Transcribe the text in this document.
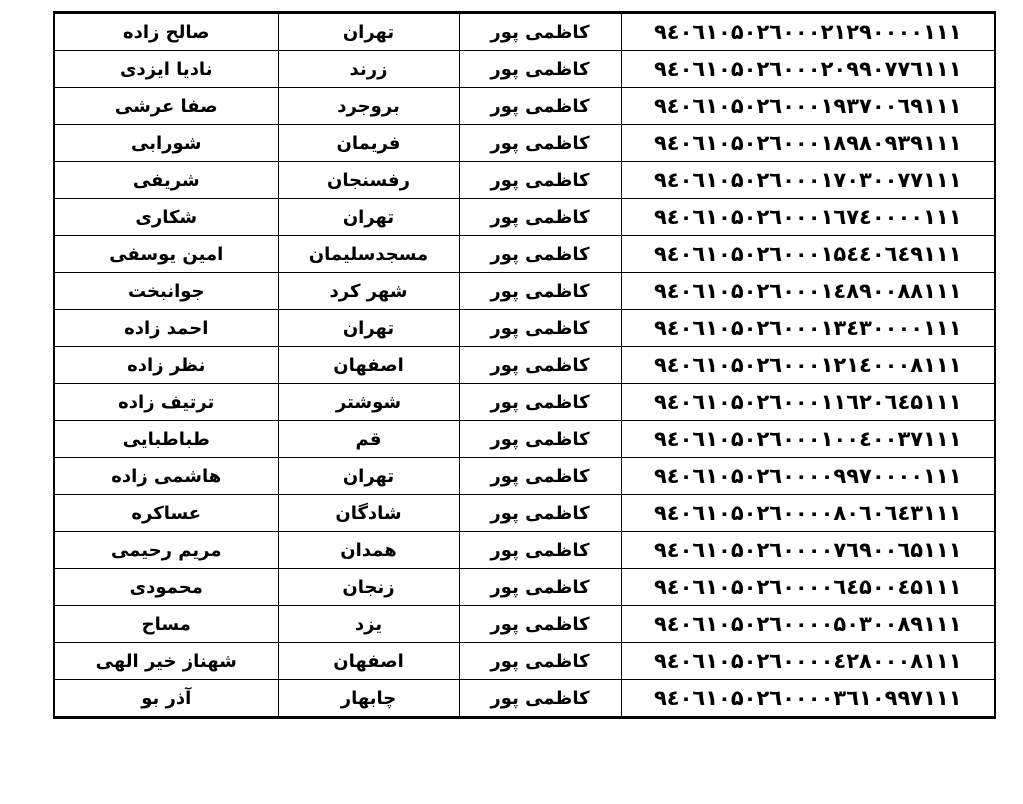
صالح زاده	تهران	کاظمی پور	۹٤۰٦۱۰۵۰۲٦۰۰۰۲۱۲۹۰۰۰۰۱۱۱
نادیا ایزدی	زرند	کاظمی پور	۹٤۰٦۱۰۵۰۲٦۰۰۰۲۰۹۹۰۷۷٦۱۱۱
صفا عرشی	بروجرد	کاظمی پور	۹٤۰٦۱۰۵۰۲٦۰۰۰۱۹۳۷۰۰٦۹۱۱۱
شورابی	فریمان	کاظمی پور	۹٤۰٦۱۰۵۰۲٦۰۰۰۱۸۹۸۰۹۳۹۱۱۱
شریفی	رفسنجان	کاظمی پور	۹٤۰٦۱۰۵۰۲٦۰۰۰۱۷۰۳۰۰۷۷۱۱۱
شکاری	تهران	کاظمی پور	۹٤۰٦۱۰۵۰۲٦۰۰۰۱٦۷٤۰۰۰۰۱۱۱
امین یوسفی	مسجدسلیمان	کاظمی پور	۹٤۰٦۱۰۵۰۲٦۰۰۰۱۵٤٤۰٦٤۹۱۱۱
جوانبخت	شهر کرد	کاظمی پور	۹٤۰٦۱۰۵۰۲٦۰۰۰۱٤۸۹۰۰۸۸۱۱۱
احمد زاده	تهران	کاظمی پور	۹٤۰٦۱۰۵۰۲٦۰۰۰۱۳٤۳۰۰۰۰۱۱۱
نظر زاده	اصفهان	کاظمی پور	۹٤۰٦۱۰۵۰۲٦۰۰۰۱۲۱٤۰۰۰۸۱۱۱
ترتیف زاده	شوشتر	کاظمی پور	۹٤۰٦۱۰۵۰۲٦۰۰۰۱۱٦۲۰٦٤۵۱۱۱
طباطبایی	قم	کاظمی پور	۹٤۰٦۱۰۵۰۲٦۰۰۰۱۰۰٤۰۰۳۷۱۱۱
هاشمی زاده	تهران	کاظمی پور	۹٤۰٦۱۰۵۰۲٦۰۰۰۰۹۹۷۰۰۰۰۱۱۱
عساکره	شادگان	کاظمی پور	۹٤۰٦۱۰۵۰۲٦۰۰۰۰۸۰٦۰٦٤۳۱۱۱
مریم رحیمی	همدان	کاظمی پور	۹٤۰٦۱۰۵۰۲٦۰۰۰۰۷٦۹۰۰٦۵۱۱۱
محمودی	زنجان	کاظمی پور	۹٤۰٦۱۰۵۰۲٦۰۰۰۰٦٤۵۰۰٤۵۱۱۱
مساح	یزد	کاظمی پور	۹٤۰٦۱۰۵۰۲٦۰۰۰۰۵۰۳۰۰۸۹۱۱۱
شهناز خیر الهی	اصفهان	کاظمی پور	۹٤۰٦۱۰۵۰۲٦۰۰۰۰٤۲۸۰۰۰۸۱۱۱
آذر بو	چابهار	کاظمی پور	۹٤۰٦۱۰۵۰۲٦۰۰۰۰۳٦۱۰۹۹۷۱۱۱
